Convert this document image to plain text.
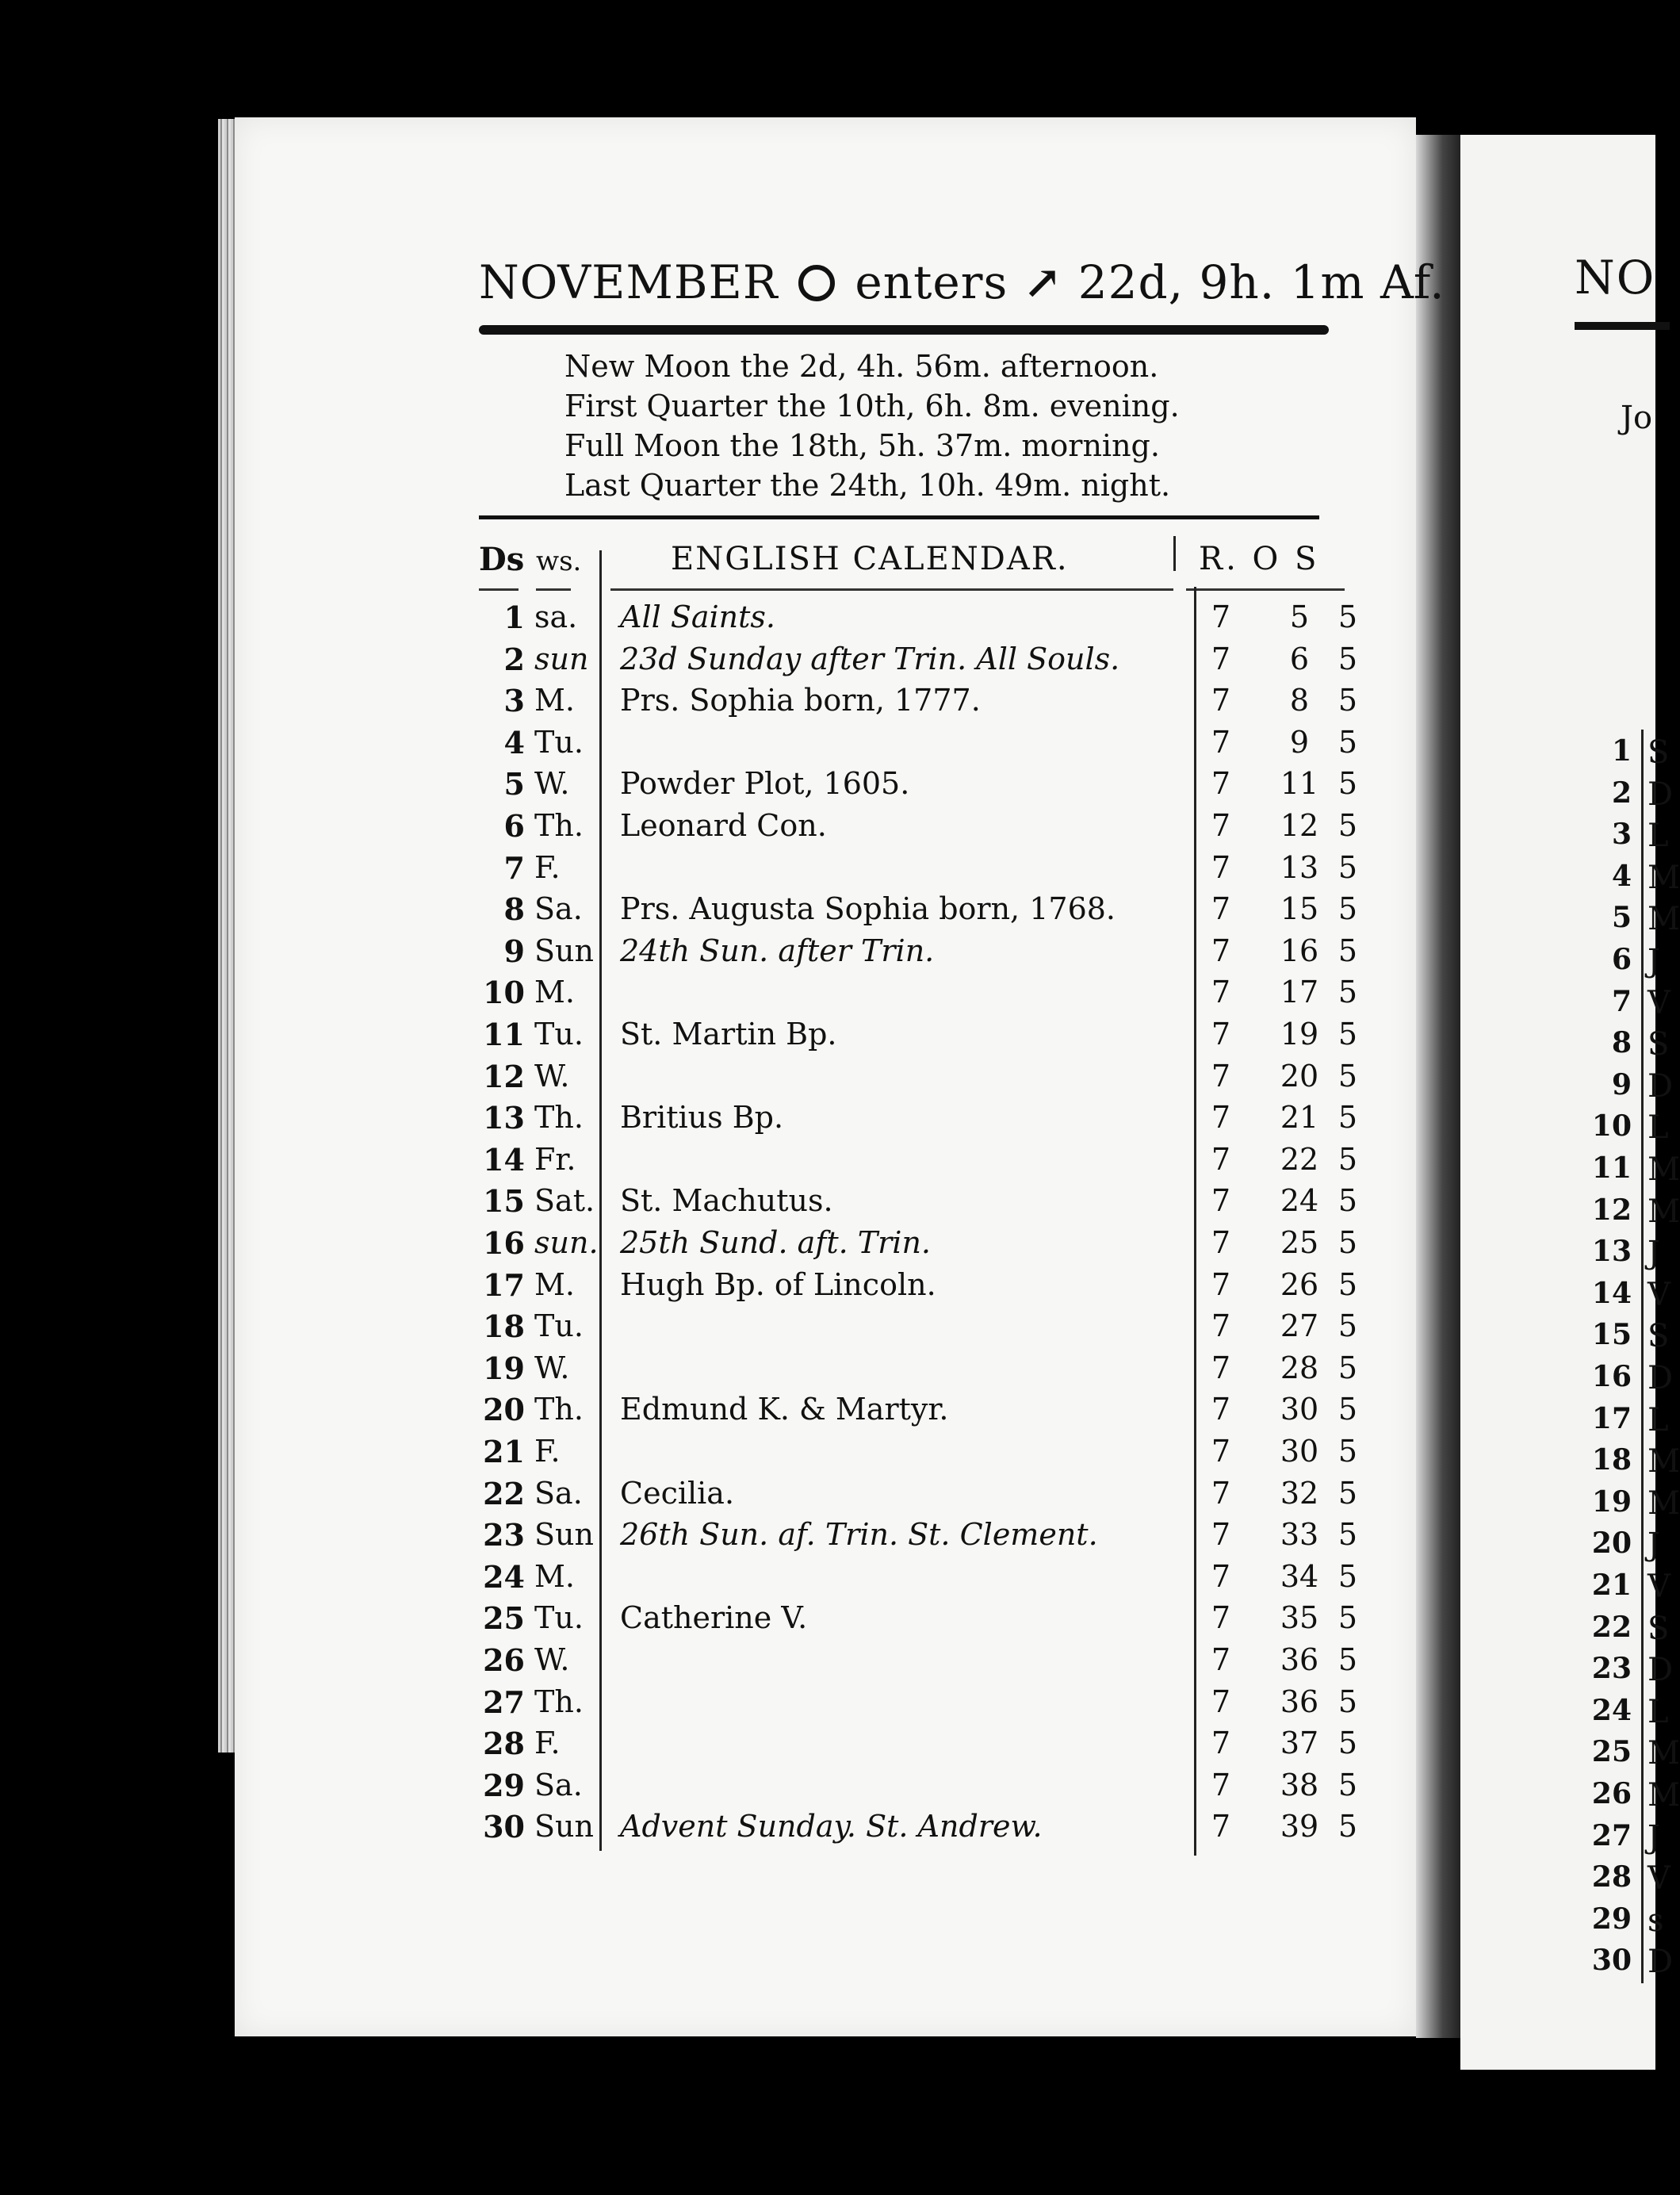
NO
Jo
1 S
2 D
3 L
4 M
5 M
6 J
7 V
8 S
9 D
10 L
11 M
12 M
13 J
14 V
15 S
16 D
17 L
18 M
19 M
20 J
21 V
22 S
23 D
24 L
25 M
26 M
27 J
28 V
29 s
30 D
NOVEMBER enters ↗ 22d, 9h. 1m Af.
New Moon the 2d, 4h. 56m. afternoon.
First Quarter the 10th, 6h. 8m. evening.
Full Moon the 18th, 5h. 37m. morning.
Last Quarter the 24th, 10h. 49m. night.
Ds ws.	ENGLISH CALENDAR.	R. O S
1 sa. All Saints.	7	5 5
2 sun 23d Sunday after Trin. All Souls.	7	6 5
3 M. Prs. Sophia born, 1777.	7	8 5
4 Tu.	7	9 5
5 W. Powder Plot, 1605.	7 11 5
6 Th. Leonard Con.	7 12 5
7 F.	7 13 5
8 Sa. Prs. Augusta Sophia born, 1768.	7 15 5
9 Sun 24th Sun. after Trin.	7 16 5
10 M.	7 17 5
11 Tu. St. Martin Bp.	7 19 5
12 W.	7 20 5
13 Th. Britius Bp.	7 21 5
14 Fr.	7 22 5
15 Sat. St. Machutus.	7 24 5
16 sun. 25th Sund. aft. Trin.	7 25 5
17 M. Hugh Bp. of Lincoln.	7 26 5
18 Tu.	7 27 5
19 W.	7 28 5
20 Th. Edmund K. & Martyr.	7 30 5
21 F.	7 30 5
22 Sa. Cecilia.	7 32 5
23 Sun 26th Sun. af. Trin. St. Clement.	7 33 5
24 M.	7 34 5
25 Tu. Catherine V.	7 35 5
26 W.	7 36 5
27 Th.	7 36 5
28 F.	7 37 5
29 Sa.	7 38 5
30 Sun Advent Sunday. St. Andrew.	7 39 5
